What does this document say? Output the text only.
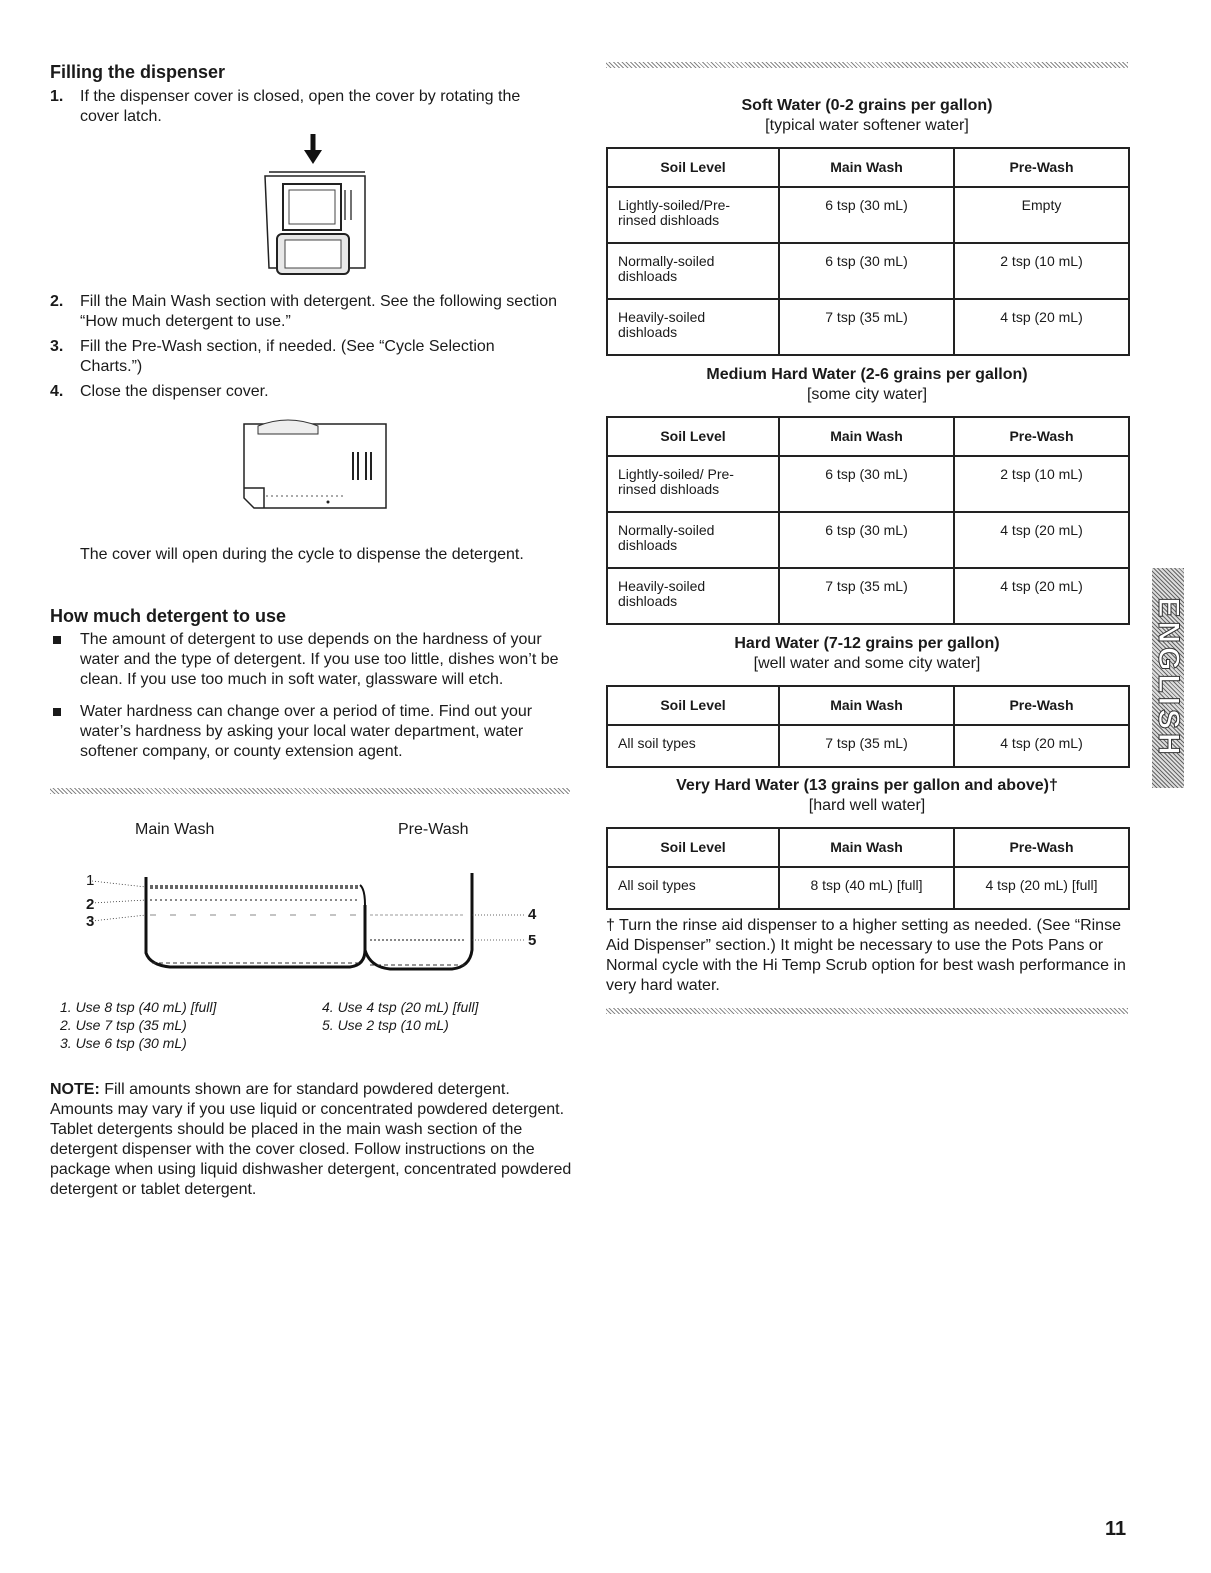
Filling the dispenser
1. If the dispenser cover is closed, open the cover by rotating the cover latch.
2. Fill the Main Wash section with detergent. See the following section “How much detergent to use.”
3. Fill the Pre-Wash section, if needed. (See “Cycle Selection Charts.”)
4. Close the dispenser cover.
The cover will open during the cycle to dispense the detergent.
How much detergent to use
The amount of detergent to use depends on the hardness of your water and the type of detergent. If you use too little, dishes won’t be clean. If you use too much in soft water, glassware will etch.
Water hardness can change over a period of time. Find out your water’s hardness by asking your local water department, water softener company, or county extension agent.
Main Wash	Pre-Wash
1
2
3	4
5
1. Use 8 tsp (40 mL) [full]
2. Use 7 tsp (35 mL)
3. Use 6 tsp (30 mL)
4. Use 4 tsp (20 mL) [full]
5. Use 2 tsp (10 mL)
NOTE: Fill amounts shown are for standard powdered detergent. Amounts may vary if you use liquid or concentrated powdered detergent. Tablet detergents should be placed in the main wash section of the detergent dispenser with the cover closed. Follow instructions on the package when using liquid dishwasher detergent, concentrated powdered detergent or tablet detergent.
Soft Water (0-2 grains per gallon)
[typical water softener water]
Soil Level	Main Wash	Pre-Wash
Lightly-soiled/Pre-rinsed dishloads	6 tsp (30 mL)	Empty
Normally-soiled dishloads	6 tsp (30 mL)	2 tsp (10 mL)
Heavily-soiled dishloads	7 tsp (35 mL)	4 tsp (20 mL)
Medium Hard Water (2-6 grains per gallon)
[some city water]
Soil Level	Main Wash	Pre-Wash
Lightly-soiled/ Pre-rinsed dishloads	6 tsp (30 mL)	2 tsp (10 mL)
Normally-soiled dishloads	6 tsp (30 mL)	4 tsp (20 mL)
Heavily-soiled dishloads	7 tsp (35 mL)	4 tsp (20 mL)
Hard Water (7-12 grains per gallon)
[well water and some city water]
Soil Level	Main Wash	Pre-Wash
All soil types	7 tsp (35 mL)	4 tsp (20 mL)
Very Hard Water (13 grains per gallon and above)†
[hard well water]
Soil Level	Main Wash	Pre-Wash
All soil types	8 tsp (40 mL) [full]	4 tsp (20 mL) [full]
† Turn the rinse aid dispenser to a higher setting as needed. (See “Rinse Aid Dispenser” section.) It might be necessary to use the Pots Pans or Normal cycle with the Hi Temp Scrub option for best wash performance in very hard water.
ENGLISH
11
